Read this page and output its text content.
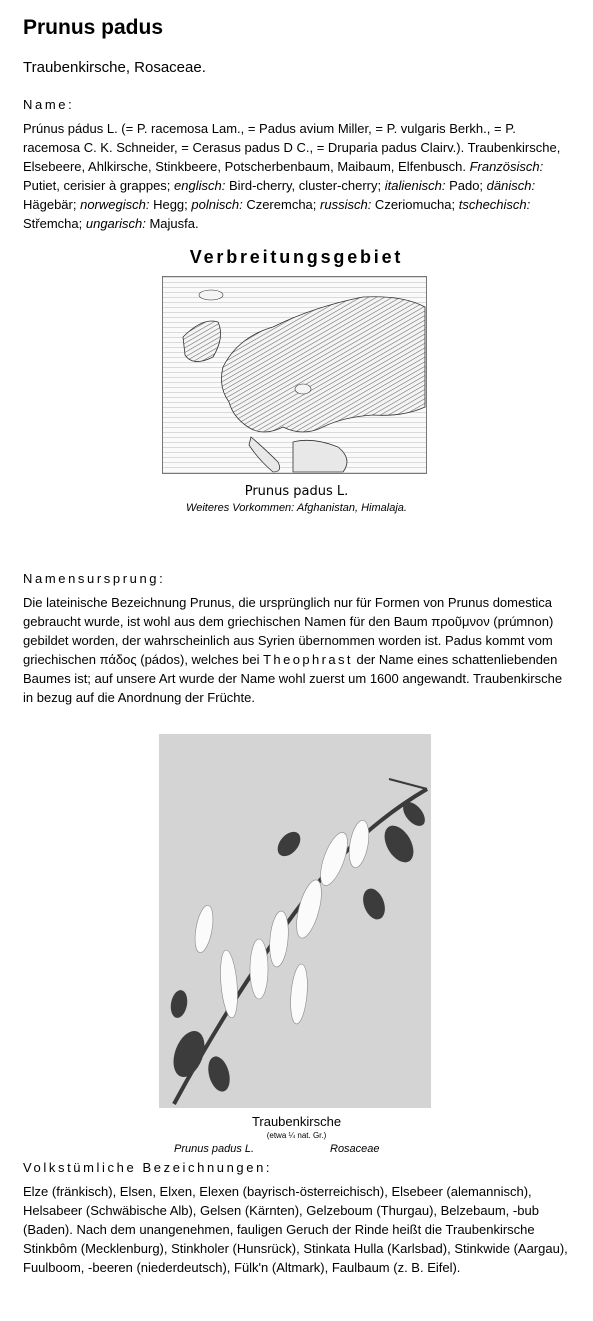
Prunus padus
Traubenkirsche, Rosaceae.
Name:

Prúnus pádus L. (= P. racemosa Lam., = Padus avium Miller, = P. vulgaris Berkh., = P. racemosa C. K. Schneider, = Cerasus padus D C., = Druparia padus Clairv.). Traubenkirsche, Elsebeere, Ahlkirsche, Stinkbeere, Potscherbenbaum, Maibaum, Elfenbusch. Französisch: Putiet, cerisier à grappes; englisch: Bird-cherry, cluster-cherry; italienisch: Pado; dänisch: Hägebär; norwegisch: Hegg; polnisch: Czeremcha; russisch: Czeriomucha; tschechisch: Střemcha; ungarisch: Majusfa.

Verbreitungsgebiet
Prunus padus L.
Weiteres Vorkommen: Afghanistan, Himalaja.
Namensursprung:

Die lateinische Bezeichnung Prunus, die ursprünglich nur für Formen von Prunus domestica gebraucht wurde, ist wohl aus dem griechischen Namen für den Baum προῦμνον (prúmnon) gebildet worden, der wahrscheinlich aus Syrien übernommen worden ist. Padus kommt vom griechischen πάδος (pádos), welches bei Theophrast der Name eines schattenliebenden Baumes ist; auf unsere Art wurde der Name wohl zuerst um 1600 angewandt. Traubenkirsche in bezug auf die Anordnung der Früchte.

Traubenkirsche
(etwa ¼ nat. Gr.)
Prunus padus L.	Rosaceae
Volkstümliche Bezeichnungen:

Elze (fränkisch), Elsen, Elxen, Elexen (bayrisch-österreichisch), Elsebeer (alemannisch), Helsabeer (Schwäbische Alb), Gelsen (Kärnten), Gelzeboum (Thurgau), Belzebaum, -bub (Baden). Nach dem unangenehmen, fauligen Geruch der Rinde heißt die Traubenkirsche Stinkbôm (Mecklenburg), Stinkholer (Hunsrück), Stinkata Hulla (Karlsbad), Stinkwide (Aargau), Fuulboom, -beeren (niederdeutsch), Fülk'n (Altmark), Faulbaum (z. B. Eifel).
